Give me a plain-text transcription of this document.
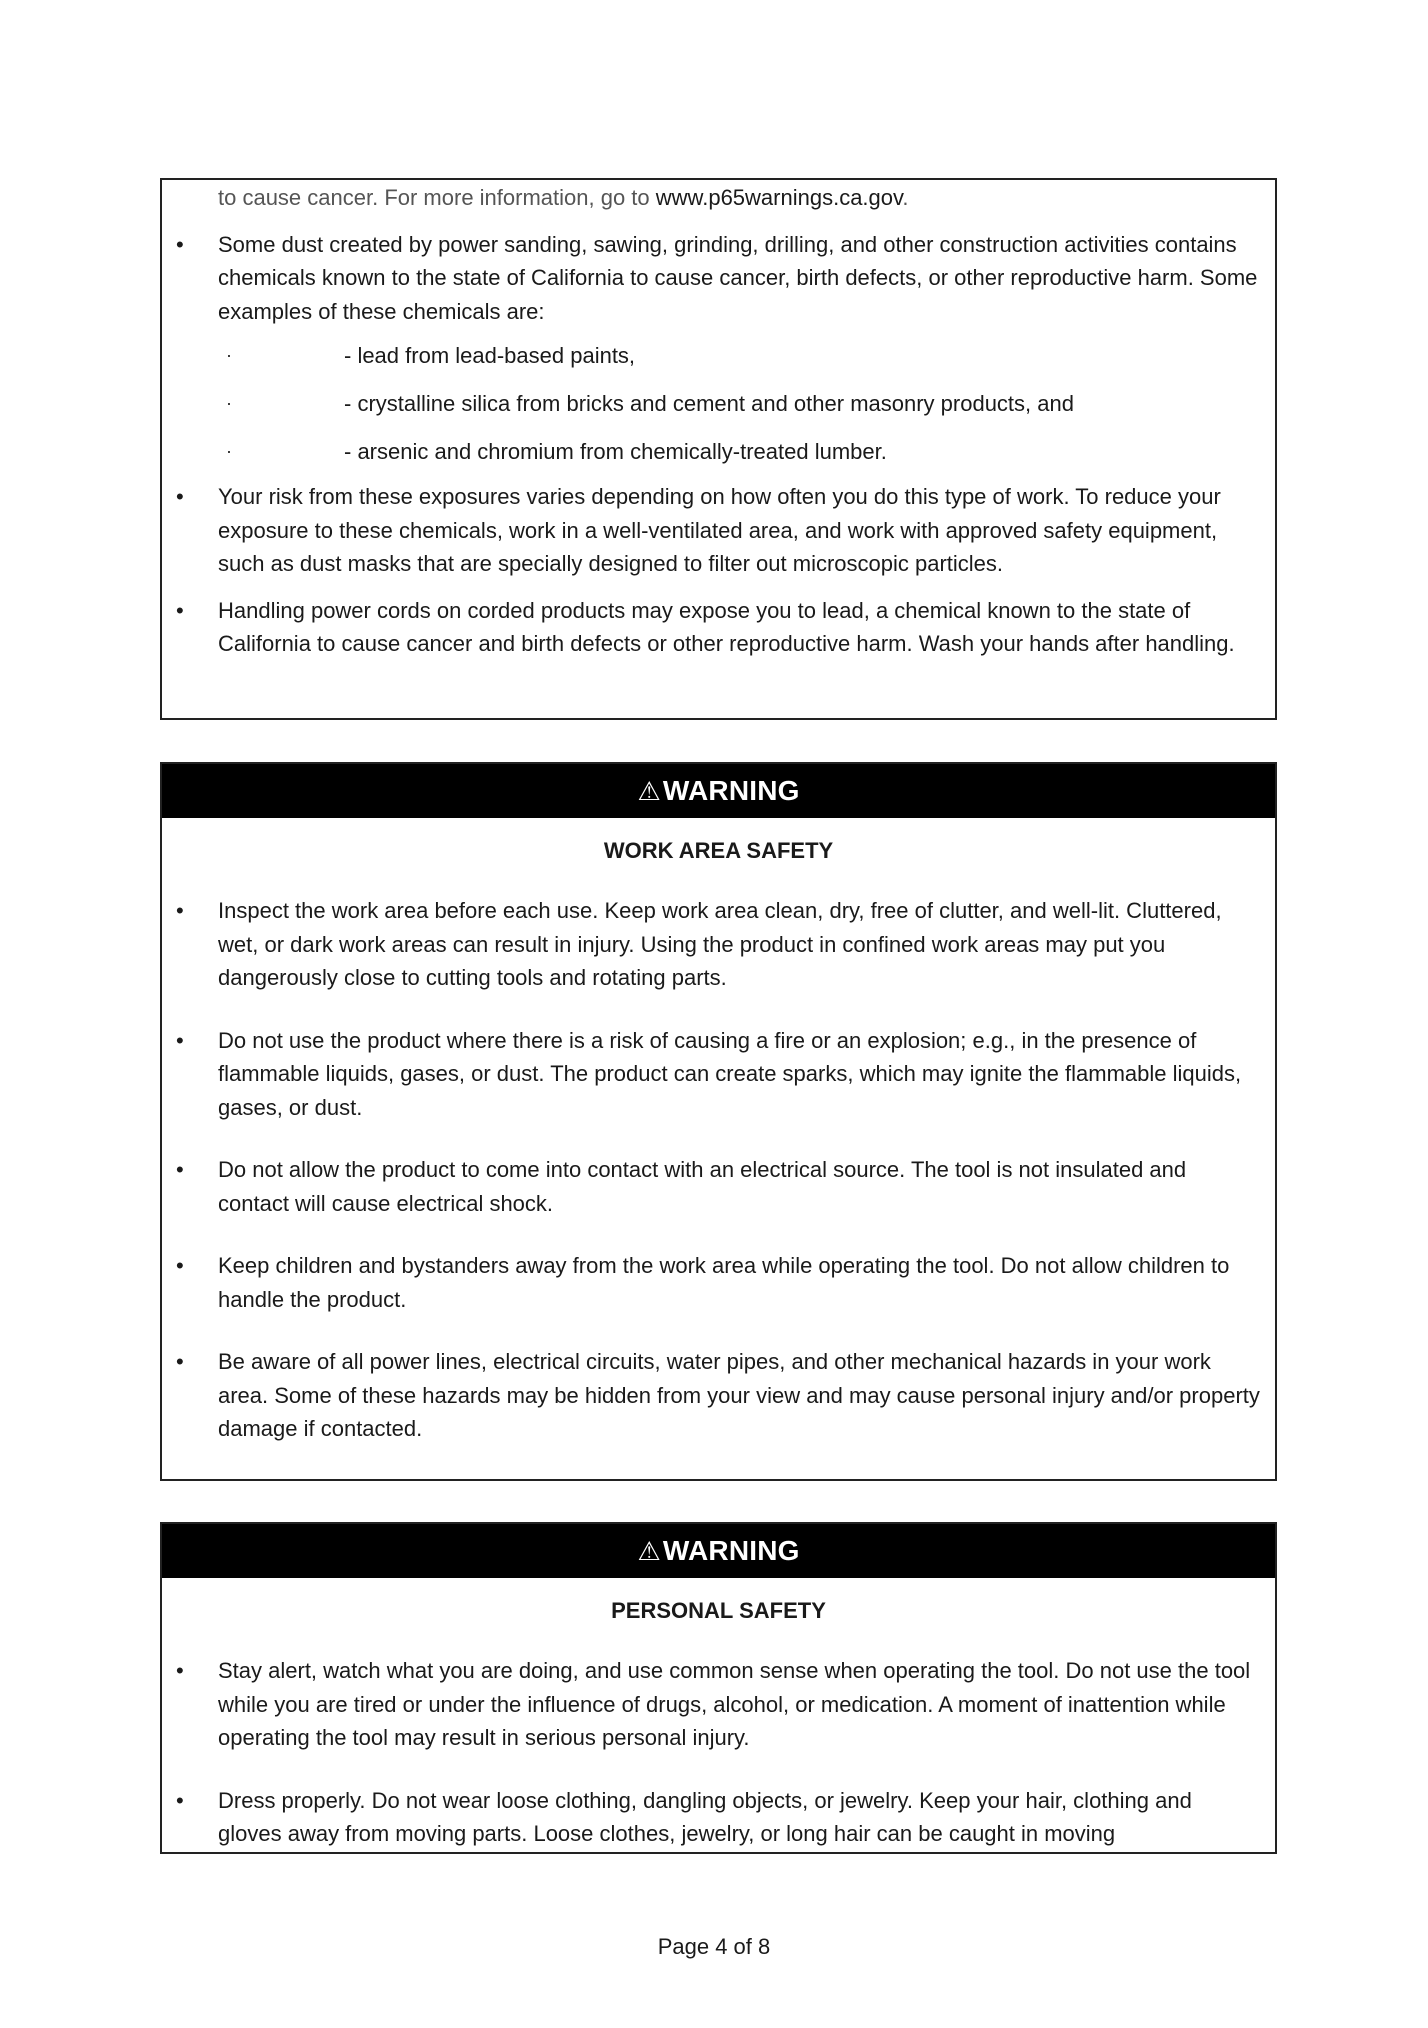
to cause cancer. For more information, go to www.p65warnings.ca.gov.
• Some dust created by power sanding, sawing, grinding, drilling, and other construction activities contains chemicals known to the state of California to cause cancer, birth defects, or other reproductive harm. Some examples of these chemicals are:
·	- lead from lead-based paints,
·	- crystalline silica from bricks and cement and other masonry products, and
·	- arsenic and chromium from chemically-treated lumber.
• Your risk from these exposures varies depending on how often you do this type of work. To reduce your exposure to these chemicals, work in a well-ventilated area, and work with approved safety equipment, such as dust masks that are specially designed to filter out microscopic particles.
• Handling power cords on corded products may expose you to lead, a chemical known to the state of California to cause cancer and birth defects or other reproductive harm. Wash your hands after handling.
⚠WARNING
WORK AREA SAFETY
• Inspect the work area before each use. Keep work area clean, dry, free of clutter, and well-lit. Cluttered, wet, or dark work areas can result in injury. Using the product in confined work areas may put you dangerously close to cutting tools and rotating parts.
• Do not use the product where there is a risk of causing a fire or an explosion; e.g., in the presence of flammable liquids, gases, or dust. The product can create sparks, which may ignite the flammable liquids, gases, or dust.
• Do not allow the product to come into contact with an electrical source. The tool is not insulated and contact will cause electrical shock.
• Keep children and bystanders away from the work area while operating the tool. Do not allow children to handle the product.
• Be aware of all power lines, electrical circuits, water pipes, and other mechanical hazards in your work area. Some of these hazards may be hidden from your view and may cause personal injury and/or property damage if contacted.
⚠WARNING
PERSONAL SAFETY
• Stay alert, watch what you are doing, and use common sense when operating the tool. Do not use the tool while you are tired or under the influence of drugs, alcohol, or medication. A moment of inattention while operating the tool may result in serious personal injury.
• Dress properly. Do not wear loose clothing, dangling objects, or jewelry. Keep your hair, clothing and gloves away from moving parts. Loose clothes, jewelry, or long hair can be caught in moving
Page 4 of 8
